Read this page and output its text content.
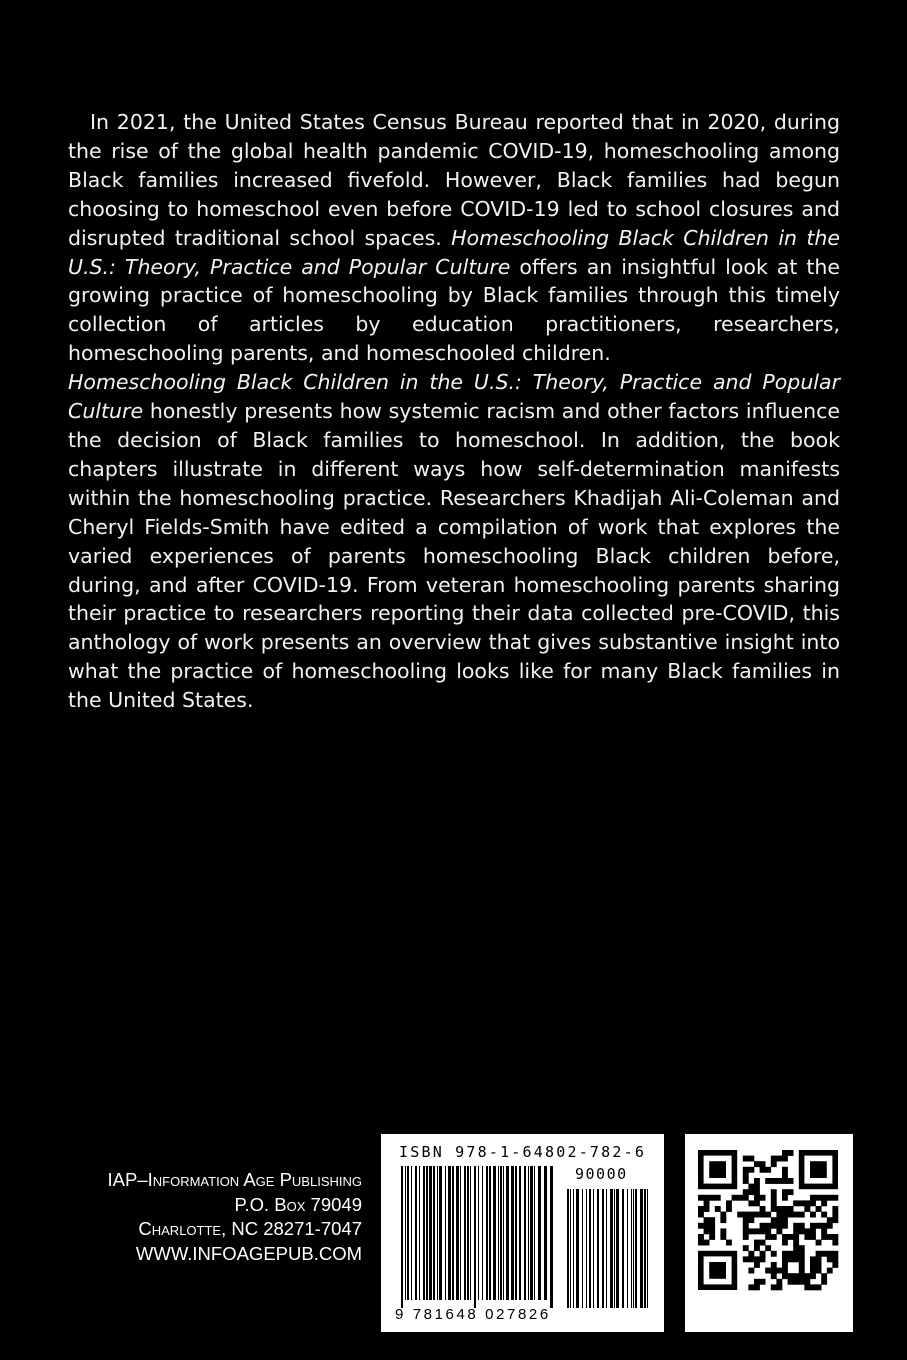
In 2021, the United States Census Bureau reported that in 2020, during the rise of the global health pandemic COVID-19, homeschooling among Black families increased fivefold. However, Black families had begun choosing to homeschool even before COVID-19 led to school closures and disrupted traditional school spaces. Homeschooling Black Children in the U.S.: Theory, Practice and Popular Culture offers an insightful look at the growing practice of homeschooling by Black families through this timely collection of articles by education practitioners, researchers, homeschooling parents, and homeschooled children.

Homeschooling Black Children in the U.S.: Theory, Practice and Popular Culture honestly presents how systemic racism and other factors influence the decision of Black families to homeschool. In addition, the book chapters illustrate in different ways how self-determination manifests within the homeschooling practice. Researchers Khadijah Ali-Coleman and Cheryl Fields-Smith have edited a compilation of work that explores the varied experiences of parents homeschooling Black children before, during, and after COVID-19. From veteran homeschooling parents sharing their practice to researchers reporting their data collected pre-COVID, this anthology of work presents an overview that gives substantive insight into what the practice of homeschooling looks like for many Black families in the United States.

IAP–Information Age Publishing
P.O. Box 79049
Charlotte, NC 28271-7047
WWW.INFOAGEPUB.COM
ISBN 978-1-64802-782-6
90000
9 781648 027826
